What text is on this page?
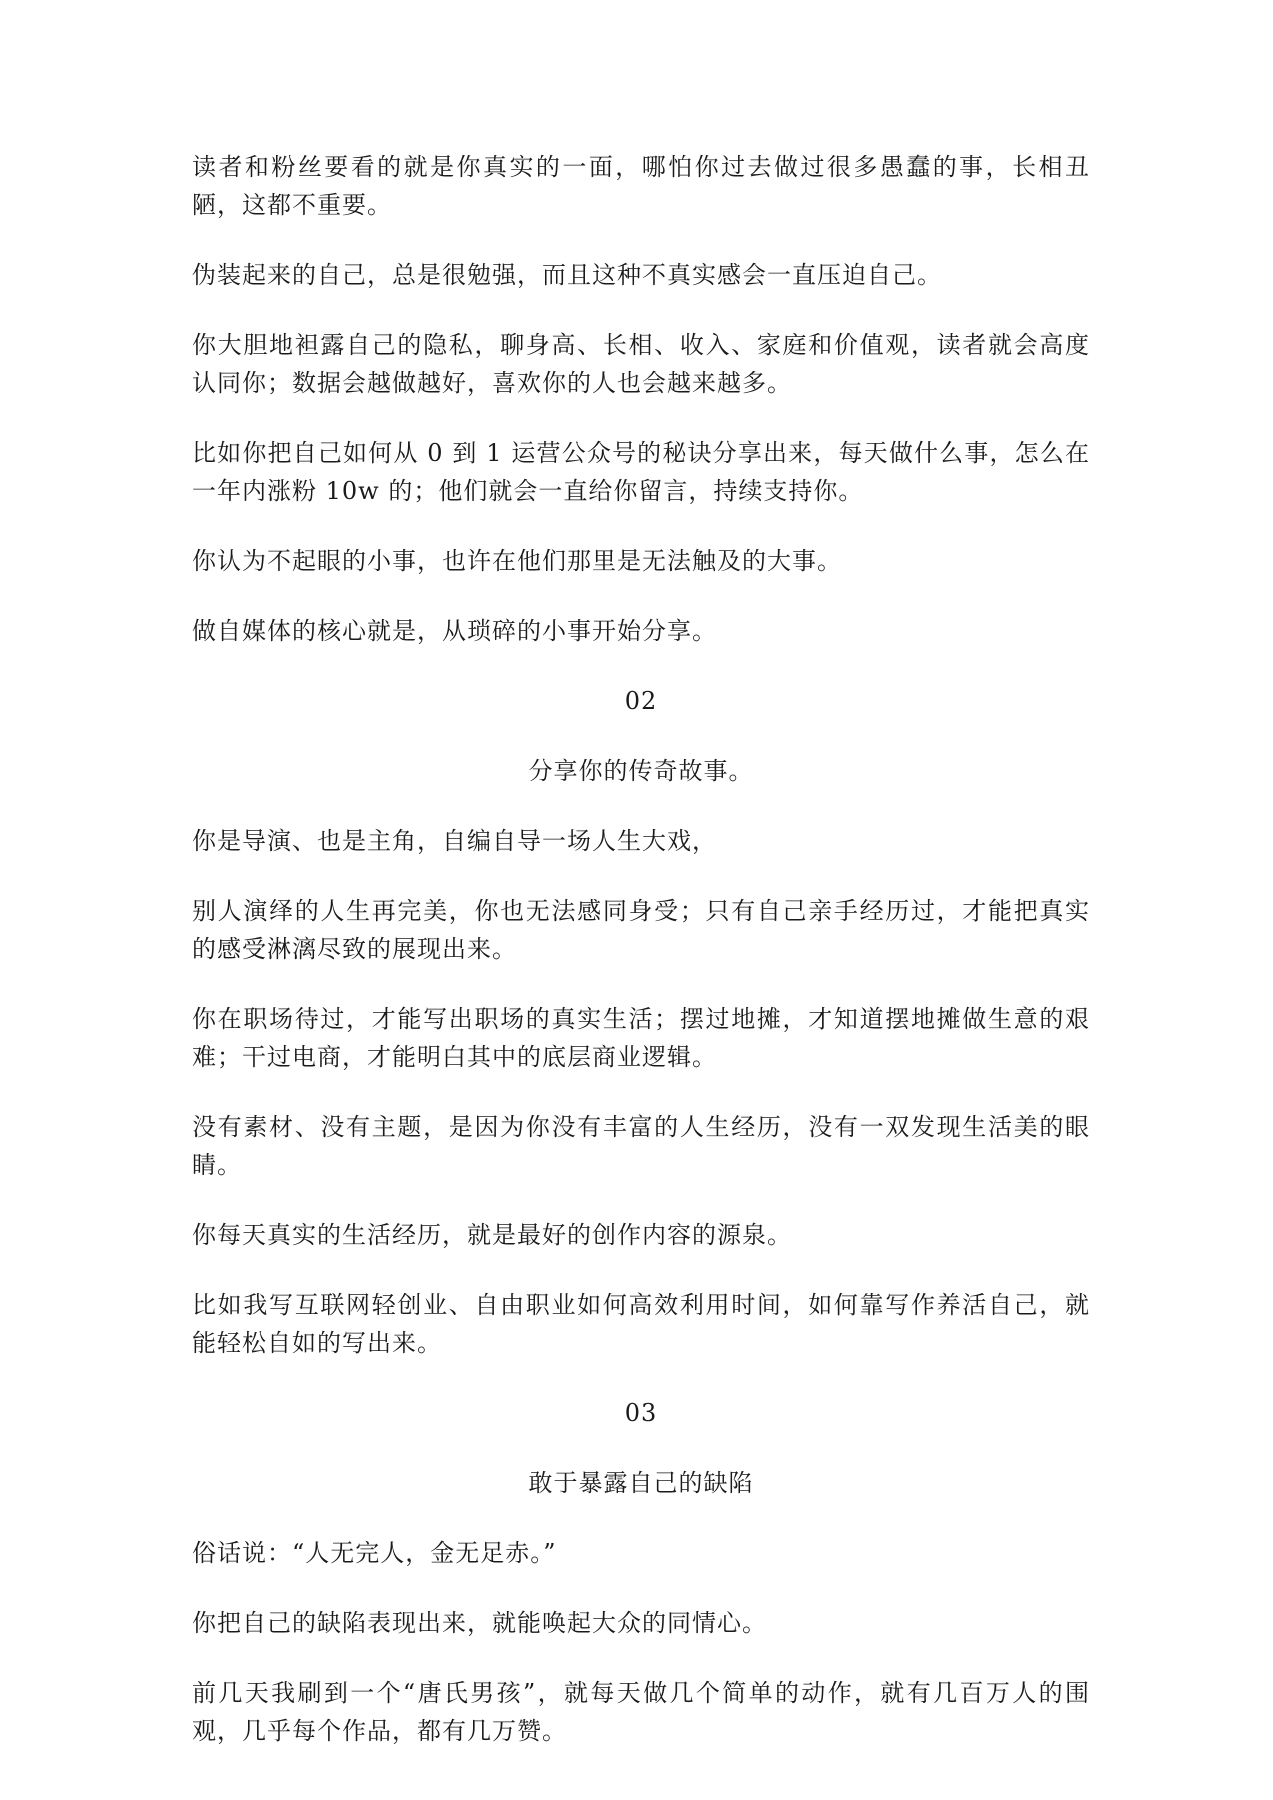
读者和粉丝要看的就是你真实的一面，哪怕你过去做过很多愚蠢的事，长相丑陋，这都不重要。

伪装起来的自己，总是很勉强，而且这种不真实感会一直压迫自己。

你大胆地袒露自己的隐私，聊身高、长相、收入、家庭和价值观，读者就会高度认同你；数据会越做越好，喜欢你的人也会越来越多。

比如你把自己如何从 0 到 1 运营公众号的秘诀分享出来，每天做什么事，怎么在一年内涨粉 10w 的；他们就会一直给你留言，持续支持你。

你认为不起眼的小事，也许在他们那里是无法触及的大事。

做自媒体的核心就是，从琐碎的小事开始分享。

02

分享你的传奇故事。

你是导演、也是主角，自编自导一场人生大戏，

别人演绎的人生再完美，你也无法感同身受；只有自己亲手经历过，才能把真实的感受淋漓尽致的展现出来。

你在职场待过，才能写出职场的真实生活；摆过地摊，才知道摆地摊做生意的艰难；干过电商，才能明白其中的底层商业逻辑。

没有素材、没有主题，是因为你没有丰富的人生经历，没有一双发现生活美的眼睛。

你每天真实的生活经历，就是最好的创作内容的源泉。

比如我写互联网轻创业、自由职业如何高效利用时间，如何靠写作养活自己，就能轻松自如的写出来。

03

敢于暴露自己的缺陷

俗话说：“人无完人，金无足赤。”

你把自己的缺陷表现出来，就能唤起大众的同情心。

前几天我刷到一个“唐氏男孩”，就每天做几个简单的动作，就有几百万人的围观，几乎每个作品，都有几万赞。
